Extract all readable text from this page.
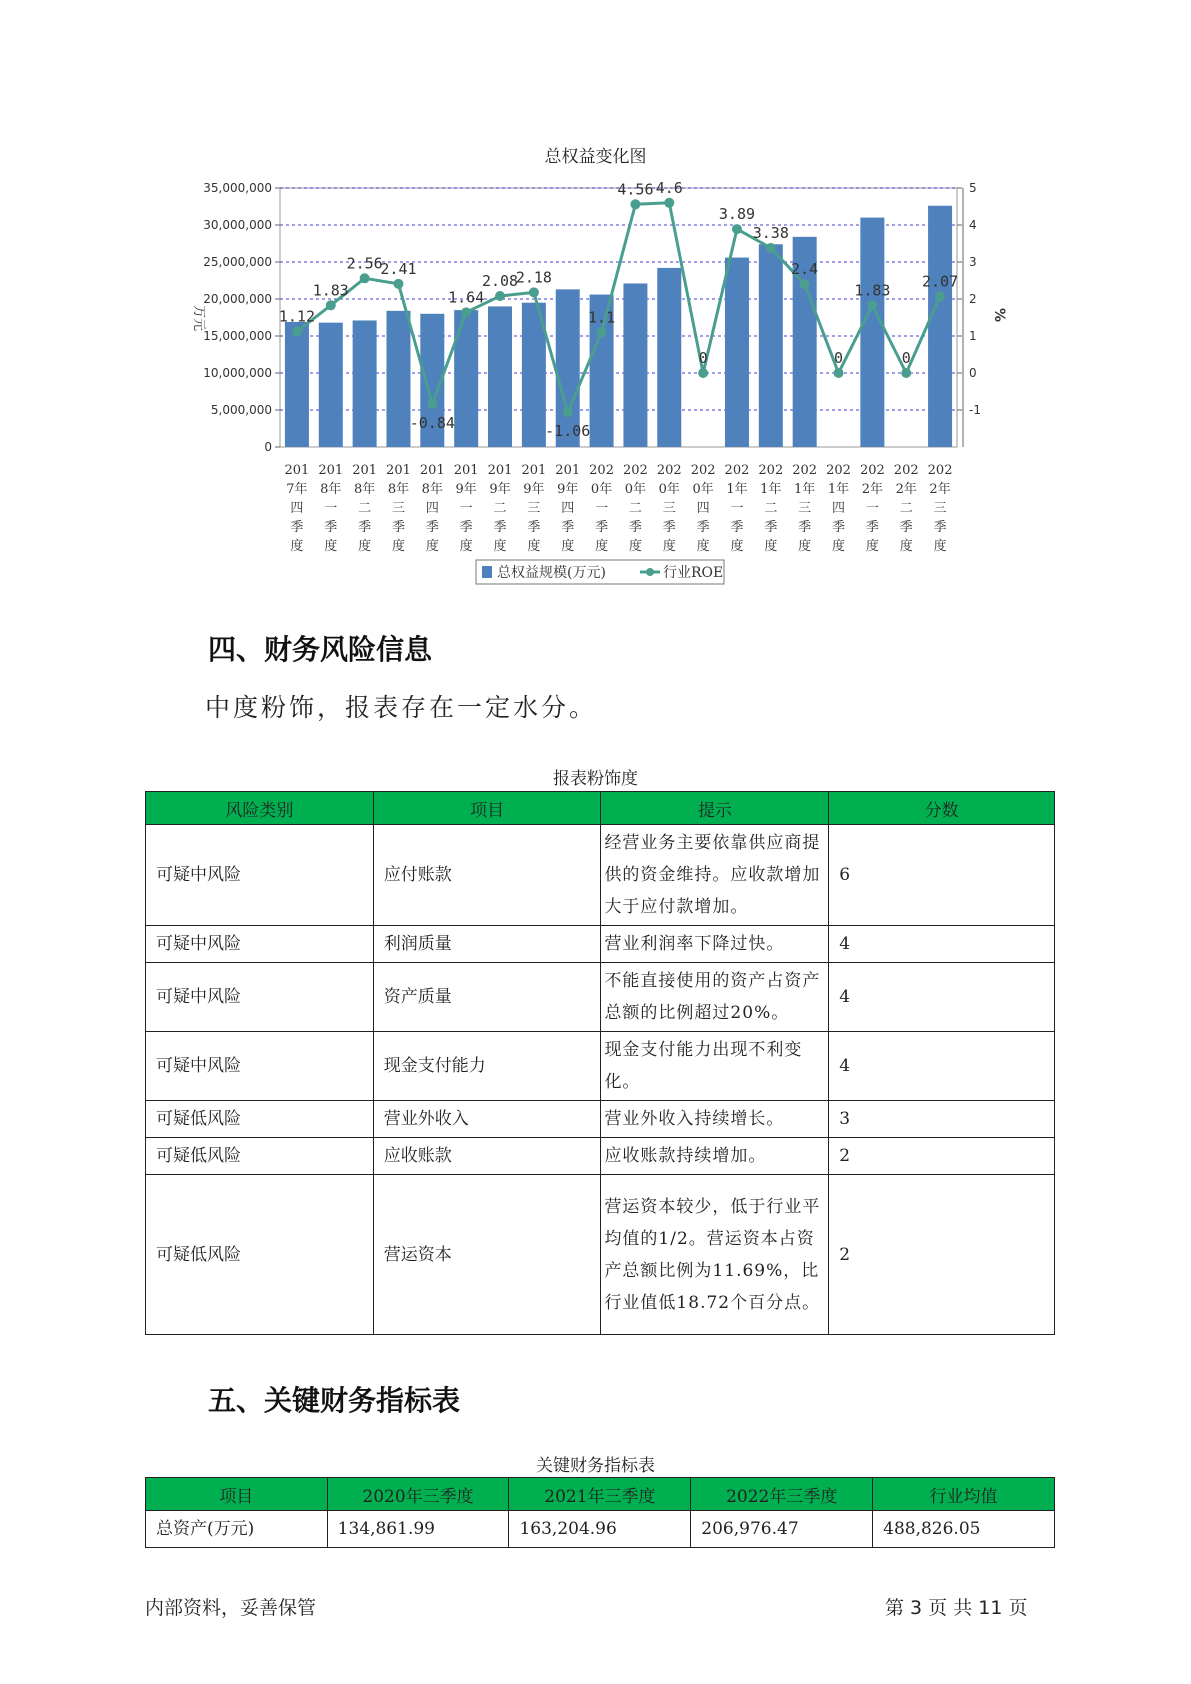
总权益变化图
0
5,000,000
10,000,000
15,000,000
20,000,000
25,000,000
30,000,000
35,000,000
-1
0
1
2
3
4
5
万元	%
1.12
1.83
2.56
2.41
-0.84
1.64
2.08
2.18
-1.06
1.1
4.56 4.6
0
3.89
3.38
2.4
0
1.83
0
2.07
201
7年
四
季
度
201
8年
一
季
度
201
8年
二
季
度
201
8年
三
季
度
201
8年
四
季
度
201
9年
一
季
度
201
9年
二
季
度
201
9年
三
季
度
201
9年
四
季
度
202
0年
一
季
度
202
0年
二
季
度
202
0年
三
季
度
202
0年
四
季
度
202
1年
一
季
度
202
1年
二
季
度
202
1年
三
季
度
202
1年
四
季
度
202
2年
一
季
度
202
2年
二
季
度
202
2年
三
季
度
总权益规模(万元)	行业ROE
四、财务风险信息
中度粉饰，报表存在一定水分。
报表粉饰度
风险类别	项目	提示	分数
可疑中风险	应付账款	经营业务主要依靠供应商提供的资金维持。应收款增加大于应付款增加。	6
可疑中风险	利润质量	营业利润率下降过快。	4
可疑中风险	资产质量	不能直接使用的资产占资产总额的比例超过20%。	4
可疑中风险	现金支付能力	现金支付能力出现不利变化。	4
可疑低风险	营业外收入	营业外收入持续增长。	3
可疑低风险	应收账款	应收账款持续增加。	2
可疑低风险	营运资本	营运资本较少，低于行业平均值的1/2。营运资本占资产总额比例为11.69%，比行业值低18.72个百分点。	2
五、关键财务指标表
关键财务指标表
项目	2020年三季度	2021年三季度	2022年三季度	行业均值
总资产(万元)	134,861.99	163,204.96	206,976.47	488,826.05
内部资料，妥善保管	第 3 页 共 11 页
